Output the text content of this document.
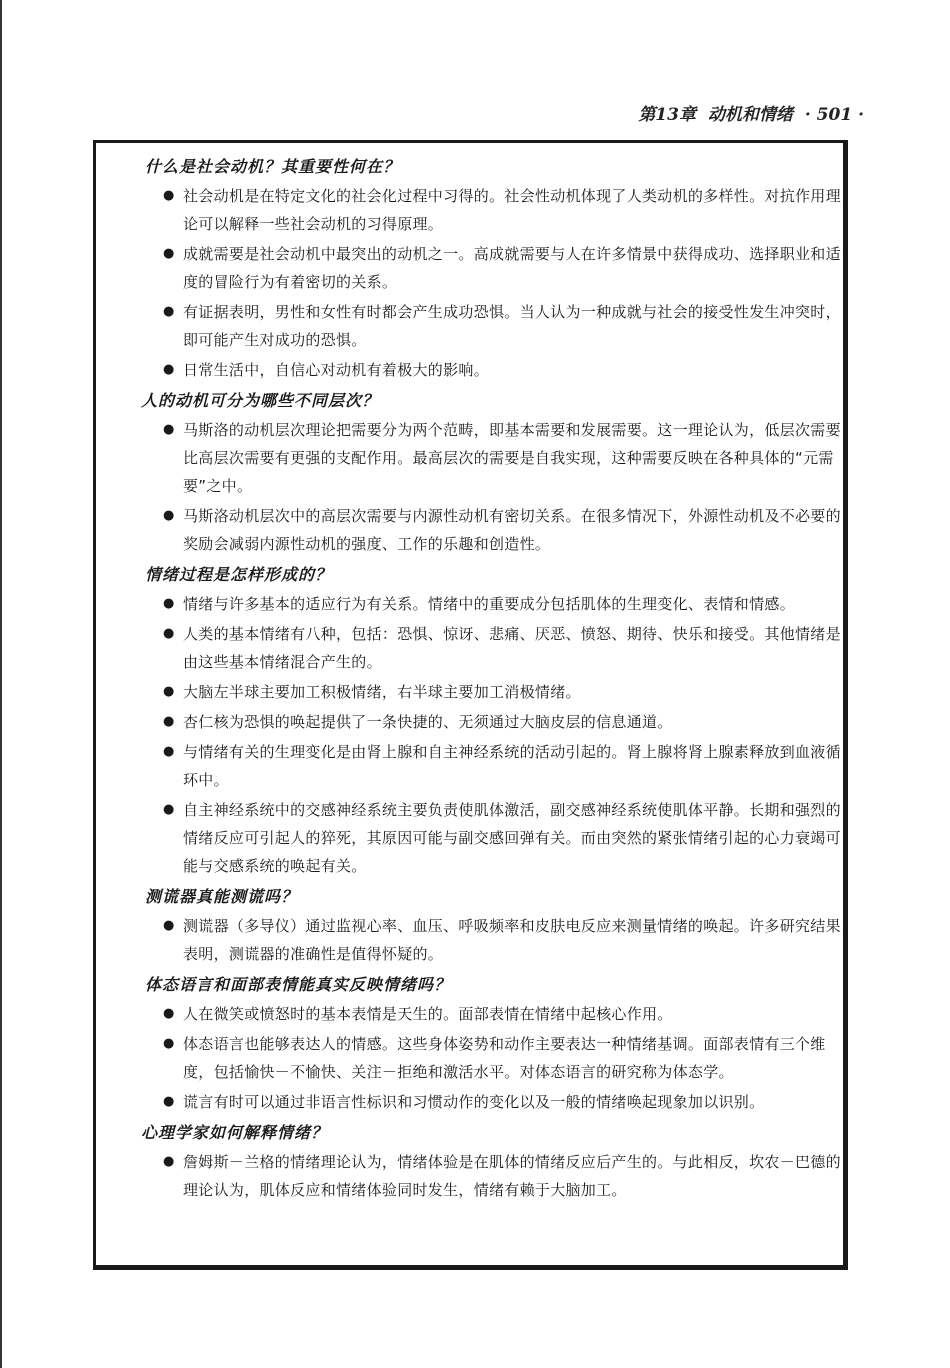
第13章 动机和情绪 · 501 ·
什么是社会动机？其重要性何在？
● 社会动机是在特定文化的社会化过程中习得的。社会性动机体现了人类动机的多样性。对抗作用理论可以解释一些社会动机的习得原理。
● 成就需要是社会动机中最突出的动机之一。高成就需要与人在许多情景中获得成功、选择职业和适度的冒险行为有着密切的关系。
● 有证据表明，男性和女性有时都会产生成功恐惧。当人认为一种成就与社会的接受性发生冲突时，即可能产生对成功的恐惧。
● 日常生活中，自信心对动机有着极大的影响。
人的动机可分为哪些不同层次？
● 马斯洛的动机层次理论把需要分为两个范畴，即基本需要和发展需要。这一理论认为，低层次需要比高层次需要有更强的支配作用。最高层次的需要是自我实现，这种需要反映在各种具体的“元需要”之中。
● 马斯洛动机层次中的高层次需要与内源性动机有密切关系。在很多情况下，外源性动机及不必要的奖励会减弱内源性动机的强度、工作的乐趣和创造性。
情绪过程是怎样形成的？
● 情绪与许多基本的适应行为有关系。情绪中的重要成分包括肌体的生理变化、表情和情感。
● 人类的基本情绪有八种，包括：恐惧、惊讶、悲痛、厌恶、愤怒、期待、快乐和接受。其他情绪是由这些基本情绪混合产生的。
● 大脑左半球主要加工积极情绪，右半球主要加工消极情绪。
● 杏仁核为恐惧的唤起提供了一条快捷的、无须通过大脑皮层的信息通道。
● 与情绪有关的生理变化是由肾上腺和自主神经系统的活动引起的。肾上腺将肾上腺素释放到血液循环中。
● 自主神经系统中的交感神经系统主要负责使肌体激活，副交感神经系统使肌体平静。长期和强烈的情绪反应可引起人的猝死，其原因可能与副交感回弹有关。而由突然的紧张情绪引起的心力衰竭可能与交感系统的唤起有关。
测谎器真能测谎吗？
● 测谎器（多导仪）通过监视心率、血压、呼吸频率和皮肤电反应来测量情绪的唤起。许多研究结果表明，测谎器的准确性是值得怀疑的。
体态语言和面部表情能真实反映情绪吗？
● 人在微笑或愤怒时的基本表情是天生的。面部表情在情绪中起核心作用。
● 体态语言也能够表达人的情感。这些身体姿势和动作主要表达一种情绪基调。面部表情有三个维度，包括愉快－不愉快、关注－拒绝和激活水平。对体态语言的研究称为体态学。
● 谎言有时可以通过非语言性标识和习惯动作的变化以及一般的情绪唤起现象加以识别。
心理学家如何解释情绪？
● 詹姆斯－兰格的情绪理论认为，情绪体验是在肌体的情绪反应后产生的。与此相反，坎农－巴德的理论认为，肌体反应和情绪体验同时发生，情绪有赖于大脑加工。
